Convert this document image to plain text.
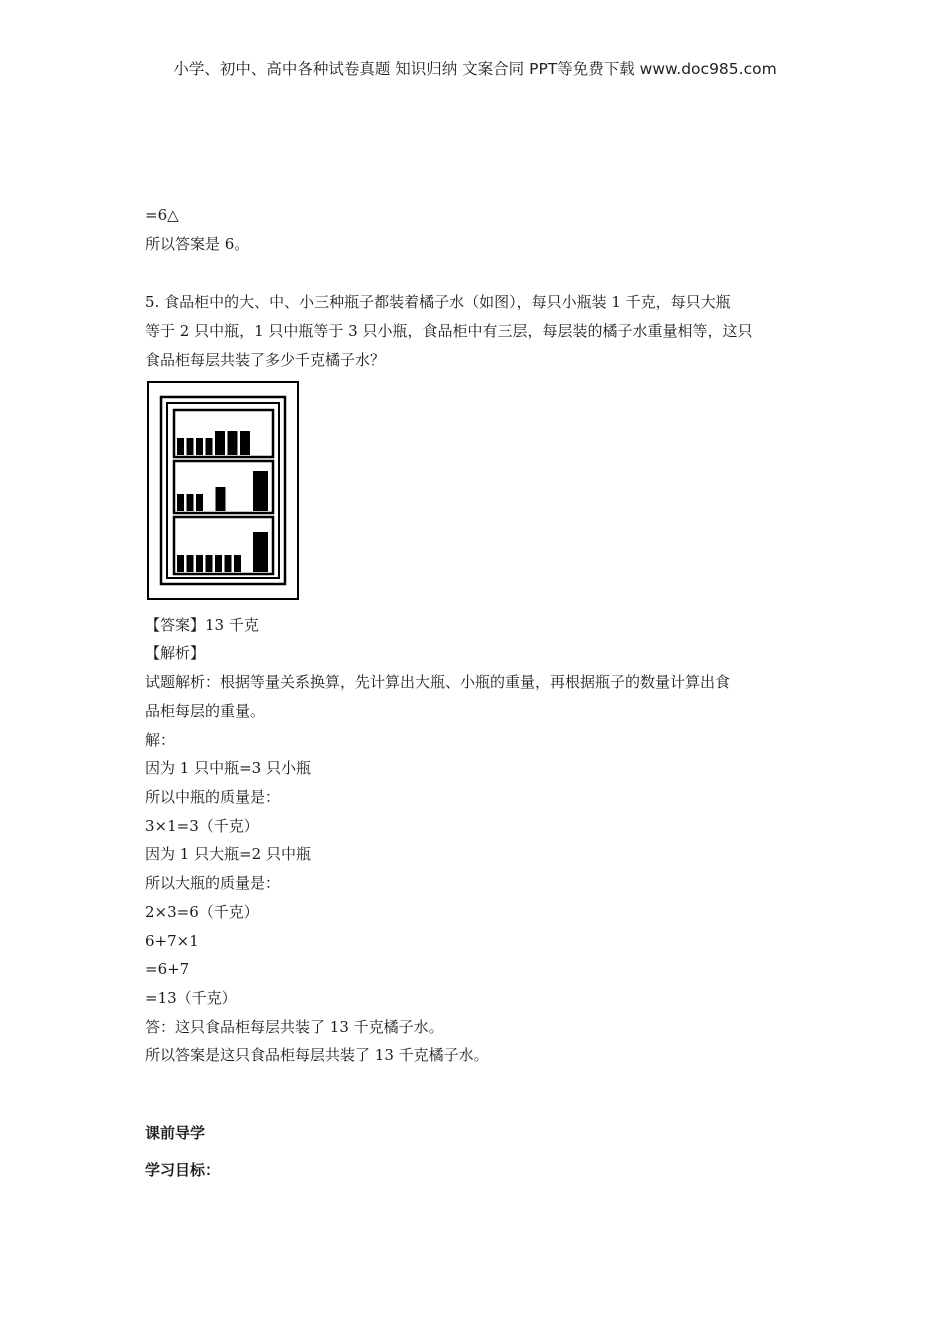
小学、初中、高中各种试卷真题 知识归纳 文案合同 PPT等免费下载 www.doc985.com
=6△
所以答案是 6。
5. 食品柜中的大、中、小三种瓶子都装着橘子水（如图），每只小瓶装 1 千克，每只大瓶
等于 2 只中瓶，1 只中瓶等于 3 只小瓶，食品柜中有三层，每层装的橘子水重量相等，这只
食品柜每层共装了多少千克橘子水？
【答案】13 千克
【解析】
试题解析：根据等量关系换算，先计算出大瓶、小瓶的重量，再根据瓶子的数量计算出食
品柜每层的重量。
解：
因为 1 只中瓶=3 只小瓶
所以中瓶的质量是：
3×1=3（千克）
因为 1 只大瓶=2 只中瓶
所以大瓶的质量是：
2×3=6（千克）
6+7×1
=6+7
=13（千克）
答：这只食品柜每层共装了 13 千克橘子水。
所以答案是这只食品柜每层共装了 13 千克橘子水。
课前导学
学习目标：
